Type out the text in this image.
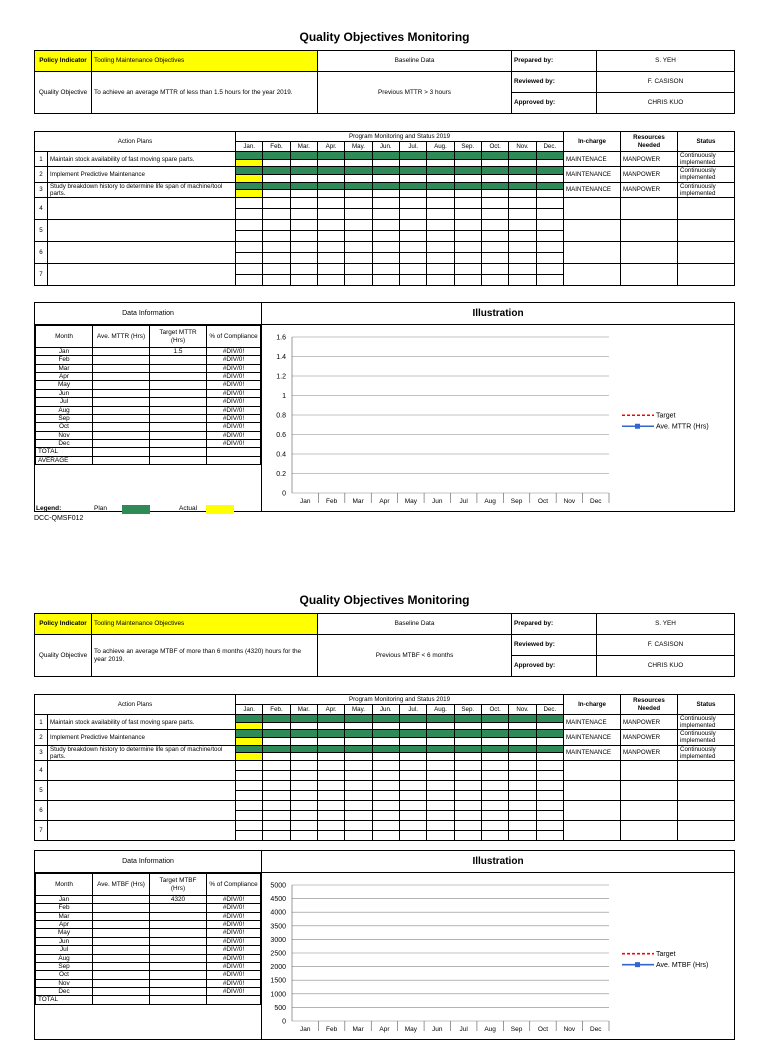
Quality Objectives Monitoring
Policy Indicator	Tooling Maintenance Objectives	Baseline Data	Prepared by:	S. YEH
Quality Objective	To achieve an average MTTR of less than 1.5 hours for the year 2019.	Previous MTTR > 3 hours	Reviewed by:	F. CASISON
			Approved by:	CHRIS KUO
Action Plans		Program Monitoring and Status 2019												In-charge	Resources Needed	Status
		Jan.	Feb.	Mar.	Apr.	May.	Jun.	Jul.	Aug.	Sep.	Oct.	Nov.	Dec.			
1	Maintain stock availability of fast moving spare parts.													MAINTENACE	MANPOWER	Continuously implemented

2	Implement Predictive Maintenance													MAINTENANCE	MANPOWER	Continuously implemented

3	Study breakdown history to determine life span of machine/tool parts.													MAINTENANCE	MANPOWER	Continuously implemented

4																

5																

6																

7																

Data Information
Month	Ave. MTTR (Hrs)	Target MTTR (Hrs)	% of Compliance
Jan		1.5	#DIV/0!
Feb			#DIV/0!
Mar			#DIV/0!
Apr			#DIV/0!
May			#DIV/0!
Jun			#DIV/0!
Jul			#DIV/0!
Aug			#DIV/0!
Sep			#DIV/0!
Oct			#DIV/0!
Nov			#DIV/0!
Dec			#DIV/0!
TOTAL			
AVERAGE			
Illustration
1.6
1.4
1.2
1
0.8
0.6
0.4
0.2
0
Jan Feb Mar Apr May Jun	Jul	Aug Sep Oct Nov Dec
Target
Ave. MTTR (Hrs)
Legend:	Plan	Actual
DCC-QMSF012
Quality Objectives Monitoring
Policy Indicator	Tooling Maintenance Objectives	Baseline Data	Prepared by:	S. YEH
Quality Objective	To achieve an average MTBF of more than 6 months (4320) hours for the year 2019.	Previous MTBF < 6 months	Reviewed by:	F. CASISON
			Approved by:	CHRIS KUO
Action Plans		Program Monitoring and Status 2019												In-charge	Resources Needed	Status
		Jan.	Feb.	Mar.	Apr.	May.	Jun.	Jul.	Aug.	Sep.	Oct.	Nov.	Dec.			
1	Maintain stock availability of fast moving spare parts.													MAINTENACE	MANPOWER	Continuously implemented

2	Implement Predictive Maintenance													MAINTENANCE	MANPOWER	Continuously implemented

3	Study breakdown history to determine life span of machine/tool parts.													MAINTENANCE	MANPOWER	Continuously implemented

4																

5																

6																

7																

Data Information
Month	Ave. MTBF (Hrs)	Target MTBF (Hrs)	% of Compliance
Jan		4320	#DIV/0!
Feb			#DIV/0!
Mar			#DIV/0!
Apr			#DIV/0!
May			#DIV/0!
Jun			#DIV/0!
Jul			#DIV/0!
Aug			#DIV/0!
Sep			#DIV/0!
Oct			#DIV/0!
Nov			#DIV/0!
Dec			#DIV/0!
TOTAL			
Illustration
5000
4500
4000
3500
3000
2500
2000
1500
1000
500
0
Jan Feb Mar Apr May Jun	Jul	Aug Sep Oct Nov Dec
Target
Ave. MTBF (Hrs)
